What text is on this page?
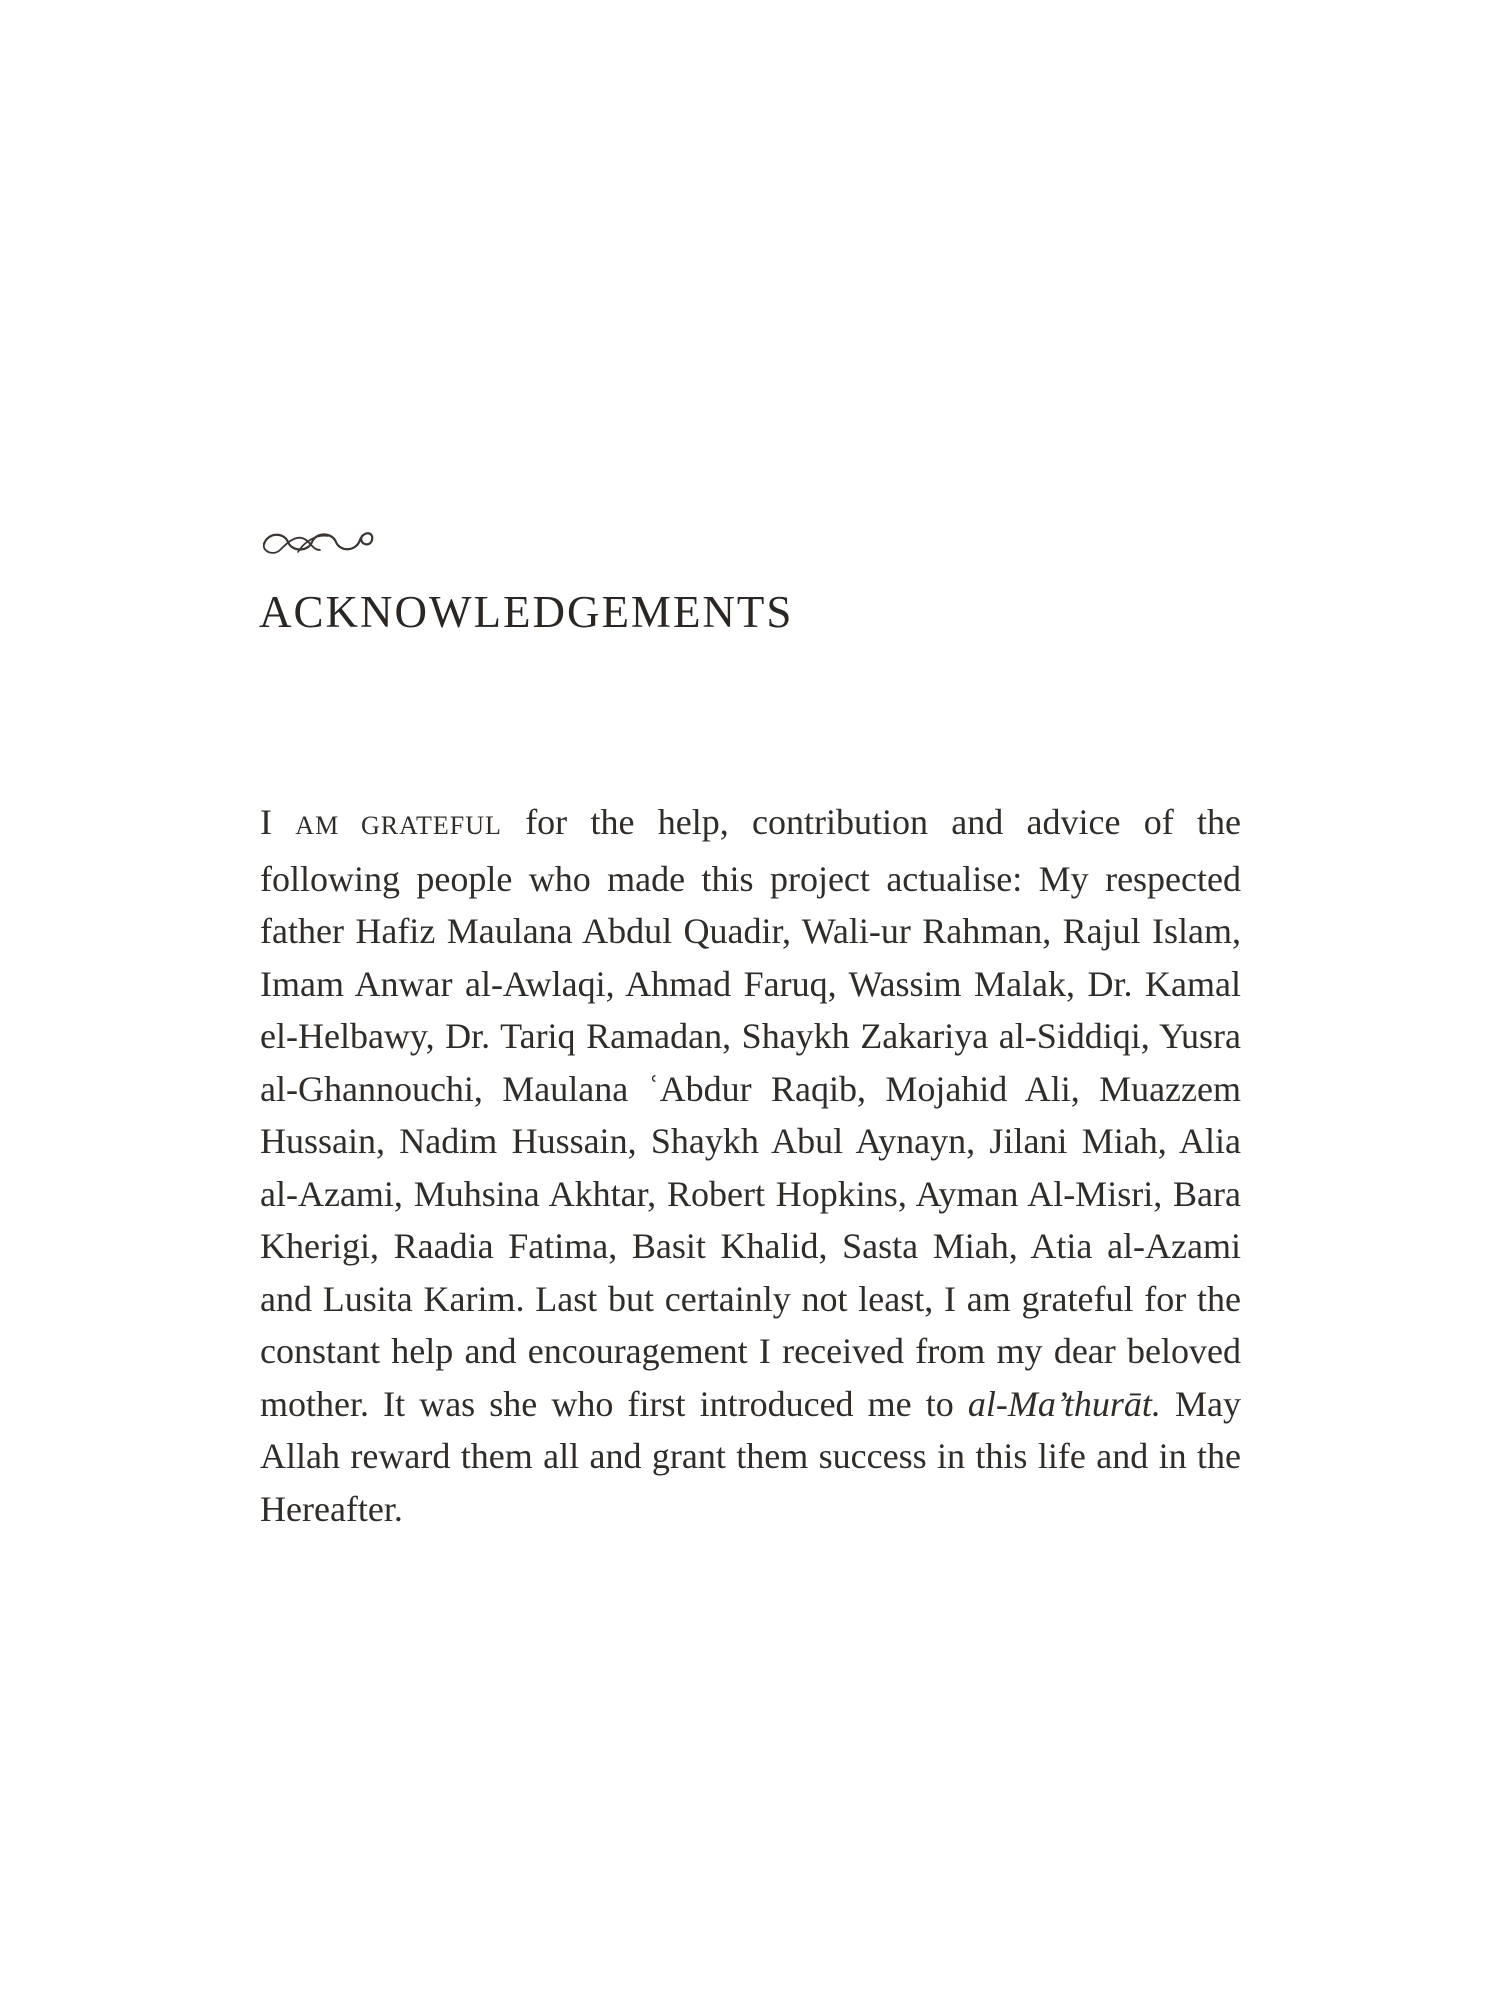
ACKNOWLEDGEMENTS

I AM GRATEFUL for the help, contribution and advice of the following people who made this project actualise: My respected father Hafiz Maulana Abdul Quadir, Wali-ur Rahman, Rajul Islam, Imam Anwar al-Awlaqi, Ahmad Faruq, Wassim Malak, Dr. Kamal el-Helbawy, Dr. Tariq Ramadan, Shaykh Zakariya al-Siddiqi, Yusra al-Ghannouchi, Maulana ʿAbdur Raqib, Mojahid Ali, Muazzem Hussain, Nadim Hussain, Shaykh Abul Aynayn, Jilani Miah, Alia al-Azami, Muhsina Akhtar, Robert Hopkins, Ayman Al-Misri, Bara Kherigi, Raadia Fatima, Basit Khalid, Sasta Miah, Atia al-Azami and Lusita Karim. Last but certainly not least, I am grateful for the constant help and encouragement I received from my dear beloved mother. It was she who first introduced me to al-Ma’thurāt. May Allah reward them all and grant them success in this life and in the Hereafter.
